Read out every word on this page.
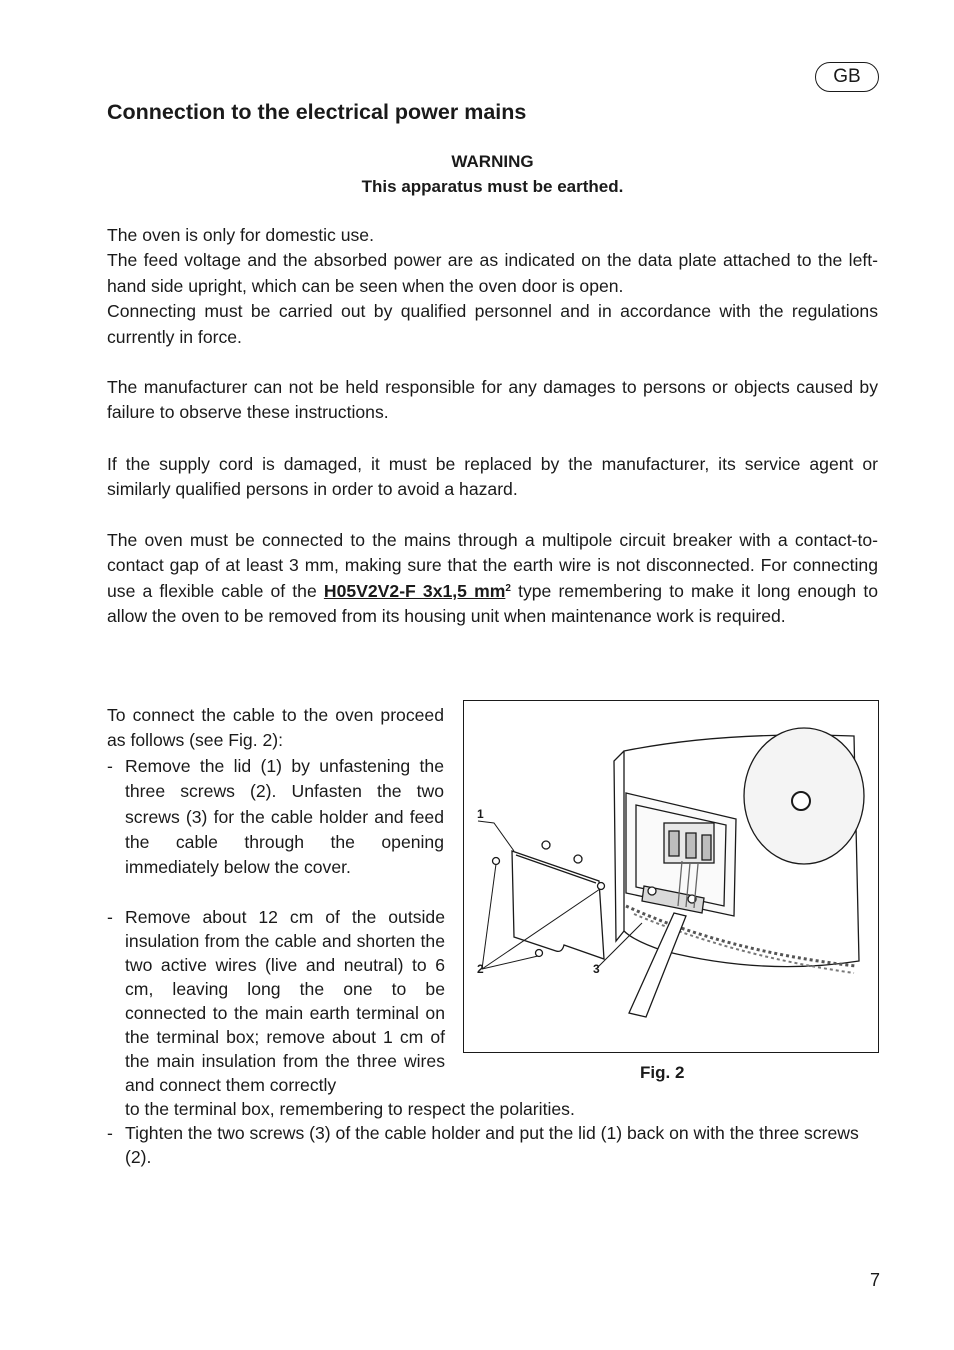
GB
Connection to the electrical power mains
WARNING
This apparatus must be earthed.

The oven is only for domestic use.

The feed voltage and the absorbed power are as indicated on the data plate attached to the left-hand side upright, which can be seen when the oven door is open.

Connecting must be carried out by qualified personnel and in accordance with the regulations currently in force.

The manufacturer can not be held responsible for any damages to persons or objects caused by failure to observe these instructions.

If the supply cord is damaged, it must be replaced by the manufacturer, its service agent or similarly qualified persons in order to avoid a hazard.

The oven must be connected to the mains through a multipole circuit breaker with a contact-to-contact gap of at least 3 mm, making sure that the earth wire is not disconnected. For connecting use a flexible cable of the H05V2V2-F 3x1,5 $mm^2$ type remembering to make it long enough to allow the oven to be removed from its housing unit when maintenance work is required.

To connect the cable to the oven proceed as follows (see Fig. 2):

- Remove the lid (1) by unfastening the three screws (2). Unfasten the two screws (3) for the cable holder and feed the cable through the opening immediately below the cover.

- Remove about 12 cm of the outside insulation from the cable and shorten the two active wires (live and neutral) to 6 cm, leaving long the one to be connected to the main earth terminal on the terminal box; remove about 1 cm of the main insulation from the three wires and connect them correctly

to the terminal box, remembering to respect the polarities.

- Tighten the two screws (3) of the cable holder and put the lid (1) back on with the three screws (2).

1
2	3
Fig. 2
7
